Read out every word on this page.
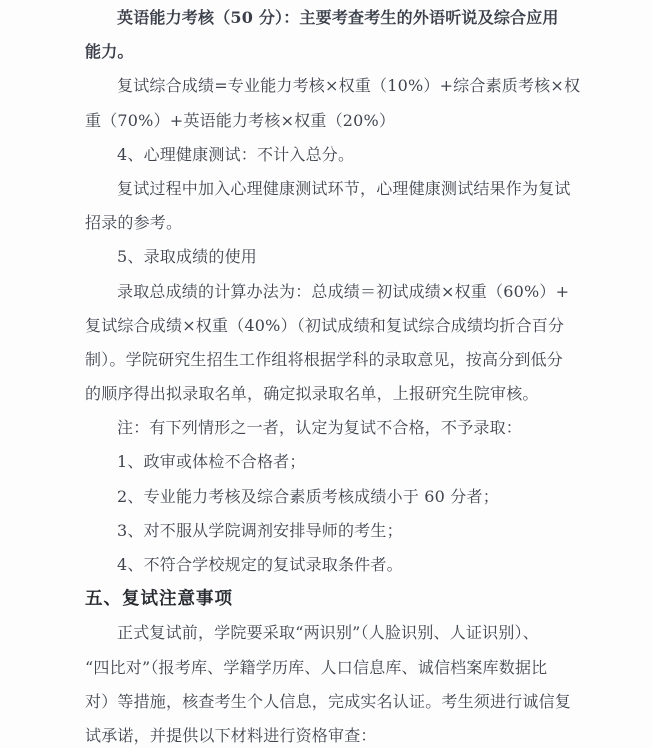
英语能力考核（50 分）：主要考查考生的外语听说及综合应用
能力。
复试综合成绩=专业能力考核×权重（10%）+综合素质考核×权
重（70%）+英语能力考核×权重（20%）
4、心理健康测试：不计入总分。
复试过程中加入心理健康测试环节，心理健康测试结果作为复试
招录的参考。
5、录取成绩的使用
录取总成绩的计算办法为：总成绩＝初试成绩×权重（60%）+
复试综合成绩×权重（40%）（初试成绩和复试综合成绩均折合百分
制）。学院研究生招生工作组将根据学科的录取意见，按高分到低分
的顺序得出拟录取名单，确定拟录取名单，上报研究生院审核。
注：有下列情形之一者，认定为复试不合格，不予录取：
1、政审或体检不合格者；
2、专业能力考核及综合素质考核成绩小于 60 分者；
3、对不服从学院调剂安排导师的考生；
4、不符合学校规定的复试录取条件者。
五、复试注意事项
正式复试前，学院要采取“两识别”（人脸识别、人证识别）、
“四比对”（报考库、学籍学历库、人口信息库、诚信档案库数据比
对）等措施，核查考生个人信息，完成实名认证。考生须进行诚信复
试承诺，并提供以下材料进行资格审查：
